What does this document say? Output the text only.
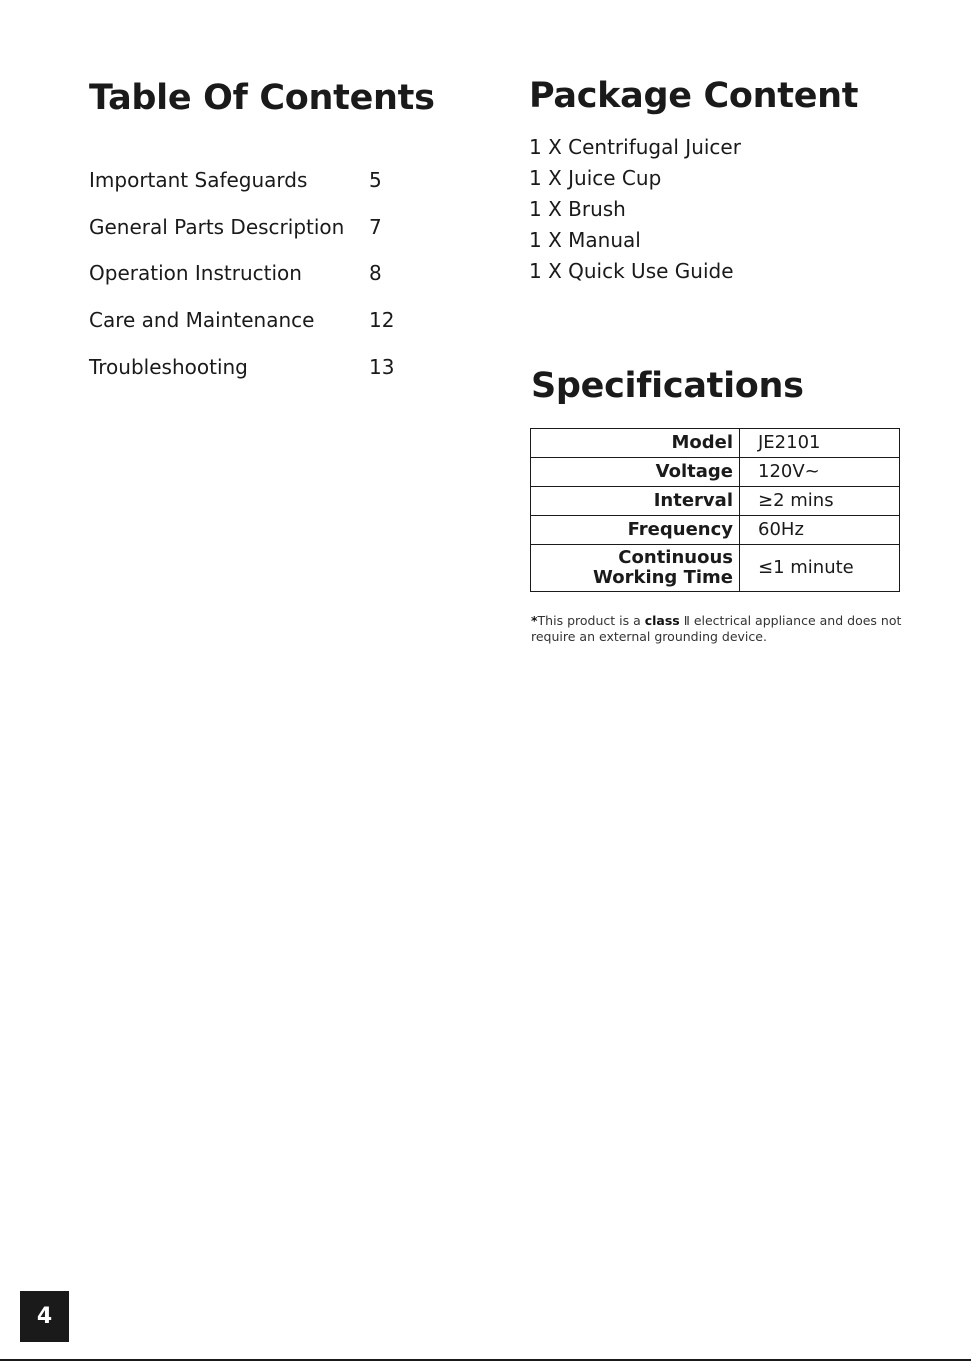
Table Of Contents
Important Safeguards	5
General Parts Description 7
Operation Instruction	8
Care and Maintenance	12
Troubleshooting	13
Package Content
1 X Centrifugal Juicer
1 X Juice Cup
1 X Brush
1 X Manual
1 X Quick Use Guide
Specifications
Model	JE2101
Voltage	120V~
Interval	≥2 mins
Frequency	60Hz
Continuous Working Time	≤1 minute

*This product is a class Ⅱ electrical appliance and does not require an external grounding device.

4
